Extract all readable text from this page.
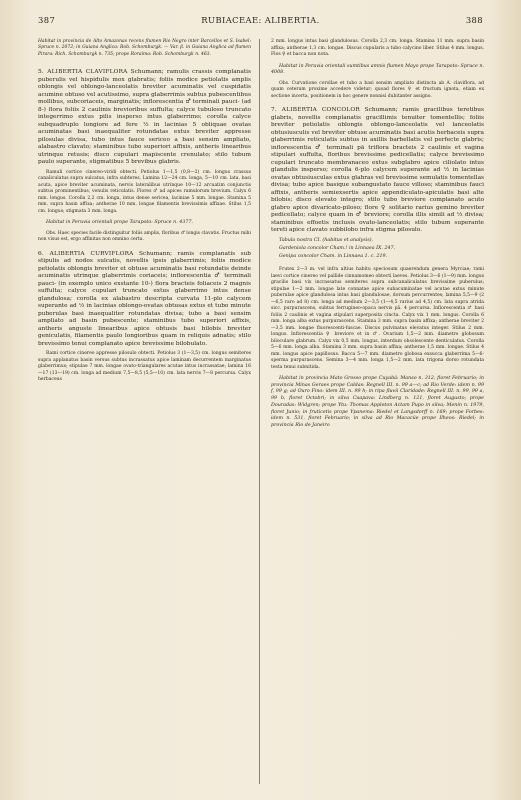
387	RUBIACEAE: ALIBERTIA.	388

Habitat in provincia de Alto Amazonas recens flumen Rio Negro inter Barcellos et S. Isabel: Spruce n. 2072; in Guiana Anglica: Rob. Schomburgk. — Var. β. in Guiana Anglica ad flumen Pirara: Rich. Schomburgk n. 735; prope Roraima: Rob. Schomburgk n. 463.

5. ALIBERTIA CLAVIFLORA Schumann; ramulis crassis complanatis puberulis vel hispidulis mox glabratis; foliis modice petiolatis amplis oblongis vel oblongo-lanceolatis breviter acuminatis vel cuspidatis acumine obtuso vel acutissimo, supra glaberrimis subtus pubescentibus mollibus, subcoriaceis, marginatis; inflorescentia ♂ terminali pauci- (ad 8-) flora foliis 2 caulinis brevioribus suffulta; calyce tubuloso truncato integerrimo extus pilis insperso intus glaberrimo; corolla calyce subquadruplo longiore ad fere ¹⁄₃ in lacinias 5 obliquae ovatas acuminatas basi inaequaliter rotundatas extus breviter appresse pilosulas divisa, tubo intus fauce sericeo a basi sensim ampliato, alabastro clavato; staminibus tubo superiori affixis, antheris linearibus utrinque retusis; disco cupulari mapiscente crenulato; stilo tubum paulo superante, stigmatibus 5 brevibus glabris.

Ramuli cortice cinereo-viridi obtecti. Petiolus 1—1,5 (0,8—2) cm. longus crassus canaliculatus supra sulcatus, infra subteres. Lamina 12—24 cm. longa, 5—10 cm. lata, basi acuta, apice breviter acuminata, nervis lateralibus utrinque 10—12 arcuatim conjunctis subtus prominentibus, venulis reticulatis. Flores ♂ ad apices ramulorum brevium. Calyx 6 mm. longus. Corolla 2,2 cm. longa, intus dense sericea, laciniae 5 mm. longae. Stamina 5 mm. supra basin affixa; antherae 10 mm. longae filamentis brevissimis affixae. Stilus 1,5 cm. longus; stigmata 3 mm. longa.

Habitat in Peruvia orientali prope Tarapoto: Spruce n. 4377.

Obs. Haec species facile distinguitur foliis amplis, floribus ♂ longis clavatis. Fructus mihi non visus est, ergo affinitas non omnino certa.

6. ALIBERTIA CURVIFLORA Schumann; ramis complanatis sub stipulis ad nodos sulcatis, novellis ipsis glaberrimis; foliis modice petiolatis oblongis breviter et obtuse acuminatis basi rotundatis deinde acuminatis utrinque glaberrimis coriaceis; inflorescentia ♂ terminali pauci- (in exemplo unico exstante 10-) flora bracteis foliaceis 2 magnis suffulta; calyce cupulari truncato extus glaberrimo intus dense glandulosa; corolla ex alabastro descripta curvata 11-plo calycem superante ad ¹⁄₃ in lacinias oblongo-ovatas obtusas extus et tubo minute puberulas basi inaequaliter rotundatas divisa; tubo a basi sensim ampliato ad basin pubescente; staminibus tubo superiori affixis, antheris anguste linearibus apice obtusis basi bilobis breviter geniculatis, filamentis paulo longioribus quam in reliquis adnatis; stilo brevissimo tenui complanato apice brevissime bilobulato.

Rami cortice cinereo appresse pilosulo obtecti. Petiolus 3 (1—3,5) cm. longus semiteres supra applanatus basin versus subtus incrassatus apice laminam decurrentem marginatus glaberrimus; stipulae 7 mm. longae ovato-triangulares acutae intus incrassatae; lamina 16—17 (13—19) cm. longa ad medium 7,5—8,5 (5,5—10) cm. lata nervis 7—8 percursa. Calyx herbaceus

2 mm. longus intus basi glandulosus. Corolla 2,3 cm. longa. Stamina 11 mm. supra basin affixa; antherae 1,3 cm. longae. Discus cupularis a tubo calycino liber. Stilus 4 mm. longus. Flos ♀ et bacca non nota.

Habitat in Peruvia orientali sumtibus amnis flumen Mayo prope Tarapoto: Spruce n. 4008.

Obs. Curvatione corollae et tubo a basi sensim ampliato distincta ab A. claviflora, ad quam ceterum proxime accedere videtur; quoad flores ♀ et fructum ignota, etiam ex sectione incerta, positionem in hoc genere nonnisi dubitanter assigno.

7. ALIBERTIA CONCOLOR Schumann; ramis gracilibus teretibus glabris, novellis complanatis gracillimis tenuiter tomentellis; foliis breviter petiolatis oblongis oblongo-lanceolatis vel lanceolatis obtusiusculis vel breviter obtuse acuminatis basi acutis herbaceis supra glaberrimis reticulatis subtus in axillis barbellatis vel perfecte glabris; inflorescentia ♂ terminali pā triflora bracteis 2 caulinis et vagina stipulari suffulta, floribus brevissime pedicellatis; calyce brevissimo cupulari truncato membranaceo extus subglabro apice ciliolato intus glandulis insperso; corolla 6-plo calycem superante ad ¹⁄₂ in lacinias ovatas obtusiusculas extus glabras vel brevissime semulatis tomentellas divisa; tubo apice basique subangustato fauce villoso; staminibus fauci affixis, antheris semiexsertis apice appendiculato-apiculatis basi alte bilobis; disco elevato integro; stilo tubo breviore complanato acuto glabro apice divaricato-piloso; flore ♀ solitario rarius gemino breviter pedicellato; calyce quam in ♂ breviore; corolla illis simili ad ¹⁄₃ divisa; staminibus effoetis inclusis ovato-lanceolatis; stilo tubum superante tereti apice clavato subbilobo infra stigma pilosulo.

Tabula nostra CI. (habitus et analysis).

Gardeniola concolor Cham.! in Linnaea IX. 247.

Genipa concolor Cham. in Linnaea 1. c. 219.

Frutex 2—3 m. vel infra altius habitu speciosum quaerendum genera Myrciae; rami laevi cortice cinereo vel pallide cinnamomeo obtecti laeves. Petiolus 3—6 (1—9) mm. longus gracilis basi vix incrassatus semiteres supra subcanaliculatus brevissime puberulus; stipulae 1—2 mm. longae late connatae apice subacuminatae vel acutae extus minute puberulae apice glandulosa intus basi glandulosae, dorsum percurrentes; lamina 5,5—9 (2—6,5 raro ad 8) cm. longa ad medium 2—3,5 (1—4,5 rarius ad 4,5) cm. lata supra atrida sicc. purpurascens, subtus ferrugineo-opaca nervis pā. 4 percursa. Inflorescentia ♂ basi foliis 2 caulinis et vagina stipulari superposita cincta. Calyx vix 1 mm. longus. Corolla 6 mm. longa alba extus purpurascens. Stamina 3 mm. supra basin affixa; antherae breviter 2—3,5 mm. longae fluorescenti-fuscae. Discus pulvinatus elevatus integer. Stilus 2 mm. longus. Inflorescentia ♀ breviore et in ♂. Ovarium 1,5—2 mm. diametro globosum biloculare glabrum. Calyx vix 0,5 mm. longus, interdum obsolescente denticulatus. Corolla 5—6 mm. longa alba. Stamina 3 mm. supra basin affixa; antherae 1,5 mm. longae. Stilus 4 mm. longus apice papillosus. Bacca 5—7 mm. diametro globosa exsucca glaberrima 5—6-sperma purpurascens. Semina 3—4 mm. longa 1,5—2 mm. lata trigona dorso rotundata testa tenui subnitida.

Habitat in provincia Mato Grosso prope Cuyabá: Manso n. 312, floret Februario; in provincia Minas Geraes prope Caldas: Regnell III. n. 99 a—c; ad Rio Verde: idem n. 99 f, 99 g; ad Ouro Fino: idem III. n. 99 h; in ripa fluvii Claridade: Regnell III. n. 99, 99 a, 99 b, floret Octobri; in silva Caapava: Lindberg n. 121, floret Augusto; prope Douradas: Widgren; prope Ytu: Thomas Appleton Actam Pupo in silva; Menin n. 1979, floret Junio; in fruticetis prope Ypanema: Riedel et Langsdorff n. 169; prope Forbes: idem n. 531, floret Februario; in silva ad Rio Macacúe prope Ilheos: Riedel; in provincia Rio de Janeiro
